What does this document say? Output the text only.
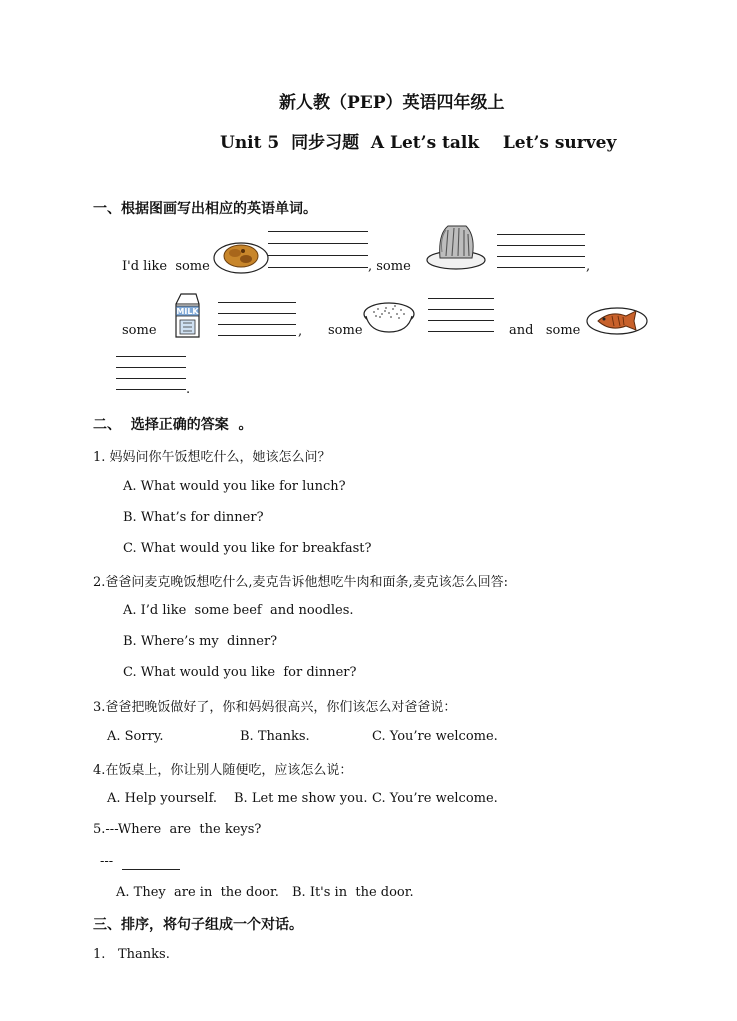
新人教（PEP）英语四年级上
Unit 5  同步习题  A Let’s talk    Let’s survey
一、根据图画写出相应的英语单词。
I'd like  some	, some	,
some
MILK
, some	and   some
.
二、  选择正确的答案  。
1. 妈妈问你午饭想吃什么，她该怎么问？
A. What would you like for lunch?
B. What’s for dinner?
C. What would you like for breakfast?
2.爸爸问麦克晚饭想吃什么,麦克告诉他想吃牛肉和面条,麦克该怎么回答:
A. I’d like  some beef  and noodles.
B. Where’s my  dinner?
C. What would you like  for dinner?
3.爸爸把晚饭做好了，你和妈妈很高兴，你们该怎么对爸爸说：
A. Sorry.	B. Thanks.	C. You’re welcome.
4.在饭桌上，你让别人随便吃，应该怎么说：
A. Help yourself. B. Let me show you. C. You’re welcome.
5.---Where  are  the keys?
---
A. They  are in  the door. B. It's in  the door.
三、排序，将句子组成一个对话。
1. Thanks.
